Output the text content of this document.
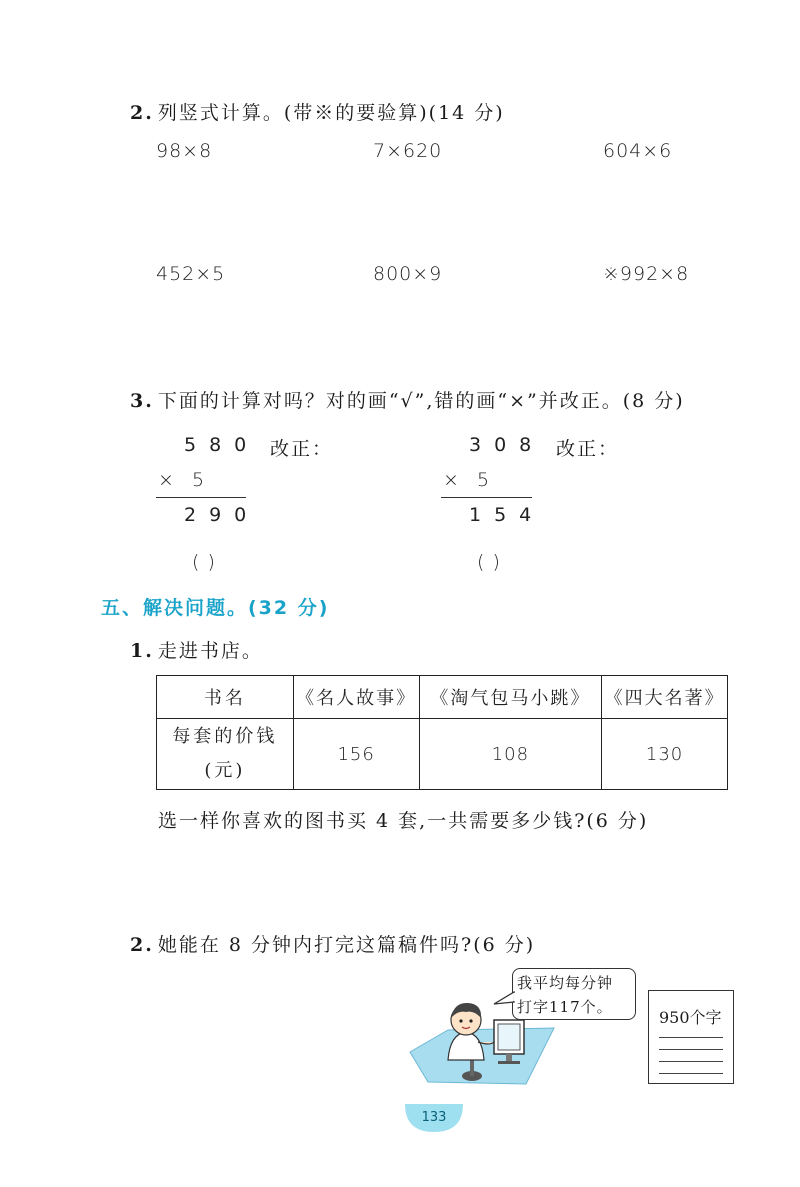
2. 列竖式计算。(带※的要验算)(14 分)
98×8	7×620	604×6
452×5	800×9	※992×8
3. 下面的计算对吗？对的画“√”,错的画“×”并改正。(8 分)
580 改正：
× 5
290
( )
308 改正：
× 5
154
( )
五、解决问题。(32 分)
1. 走进书店。
书名	《名人故事》	《淘气包马小跳》	《四大名著》

每套的价钱
(元)	156	108	130
选一样你喜欢的图书买 4 套,一共需要多少钱?(6 分)
2. 她能在 8 分钟内打完这篇稿件吗?(6 分)
我平均每分钟
打字117个。
950个字
133
